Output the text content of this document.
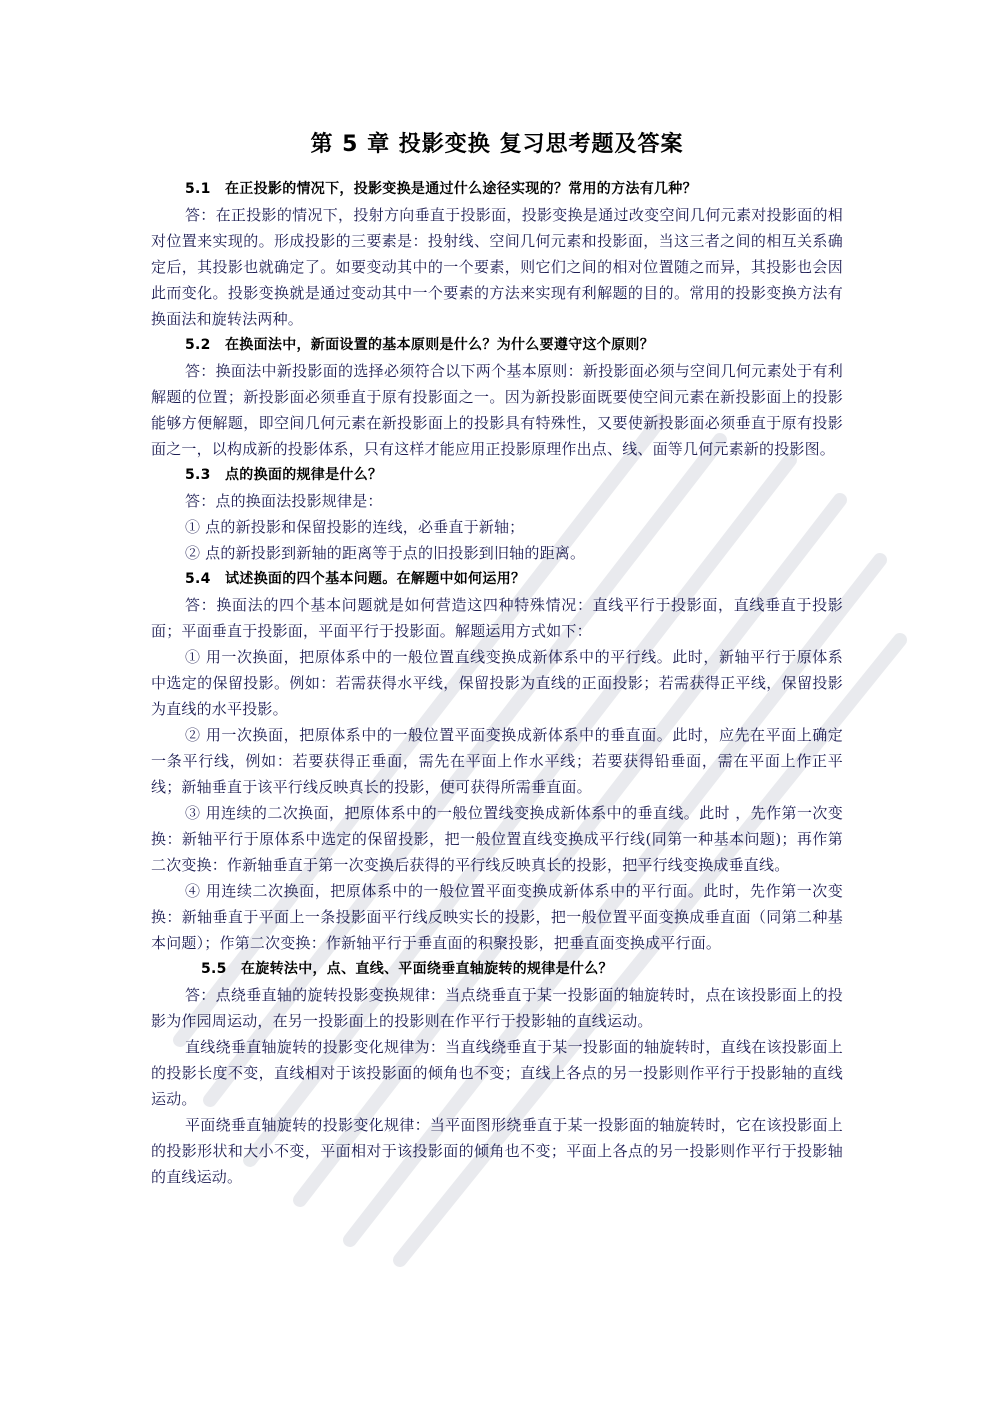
第 5 章 投影变换 复习思考题及答案

5.1　在正投影的情况下，投影变换是通过什么途径实现的？常用的方法有几种？

答：在正投影的情况下，投射方向垂直于投影面，投影变换是通过改变空间几何元素对投影面的相对位置来实现的。形成投影的三要素是：投射线、空间几何元素和投影面，当这三者之间的相互关系确定后，其投影也就确定了。如要变动其中的一个要素，则它们之间的相对位置随之而异，其投影也会因此而变化。投影变换就是通过变动其中一个要素的方法来实现有利解题的目的。常用的投影变换方法有换面法和旋转法两种。

5.2　在换面法中，新面设置的基本原则是什么？为什么要遵守这个原则？

答：换面法中新投影面的选择必须符合以下两个基本原则：新投影面必须与空间几何元素处于有利解题的位置；新投影面必须垂直于原有投影面之一。因为新投影面既要使空间元素在新投影面上的投影能够方便解题，即空间几何元素在新投影面上的投影具有特殊性，又要使新投影面必须垂直于原有投影面之一，以构成新的投影体系，只有这样才能应用正投影原理作出点、线、面等几何元素新的投影图。

5.3　点的换面的规律是什么？

答：点的换面法投影规律是：

① 点的新投影和保留投影的连线，必垂直于新轴；

② 点的新投影到新轴的距离等于点的旧投影到旧轴的距离。

5.4　试述换面的四个基本问题。在解题中如何运用？

答：换面法的四个基本问题就是如何营造这四种特殊情况：直线平行于投影面，直线垂直于投影面；平面垂直于投影面，平面平行于投影面。解题运用方式如下：

① 用一次换面，把原体系中的一般位置直线变换成新体系中的平行线。此时，新轴平行于原体系中选定的保留投影。例如：若需获得水平线，保留投影为直线的正面投影；若需获得正平线，保留投影为直线的水平投影。

② 用一次换面，把原体系中的一般位置平面变换成新体系中的垂直面。此时，应先在平面上确定一条平行线，例如：若要获得正垂面，需先在平面上作水平线；若要获得铅垂面，需在平面上作正平线；新轴垂直于该平行线反映真长的投影，便可获得所需垂直面。

③ 用连续的二次换面，把原体系中的一般位置线变换成新体系中的垂直线。此时 ，先作第一次变换：新轴平行于原体系中选定的保留投影，把一般位置直线变换成平行线(同第一种基本问题)；再作第二次变换：作新轴垂直于第一次变换后获得的平行线反映真长的投影，把平行线变换成垂直线。

④ 用连续二次换面，把原体系中的一般位置平面变换成新体系中的平行面。此时，先作第一次变换：新轴垂直于平面上一条投影面平行线反映实长的投影，把一般位置平面变换成垂直面（同第二种基本问题）；作第二次变换：作新轴平行于垂直面的积聚投影，把垂直面变换成平行面。

5.5　在旋转法中，点、直线、平面绕垂直轴旋转的规律是什么？

答：点绕垂直轴的旋转投影变换规律：当点绕垂直于某一投影面的轴旋转时，点在该投影面上的投影为作园周运动，在另一投影面上的投影则在作平行于投影轴的直线运动。

直线绕垂直轴旋转的投影变化规律为：当直线绕垂直于某一投影面的轴旋转时，直线在该投影面上的投影长度不变，直线相对于该投影面的倾角也不变；直线上各点的另一投影则作平行于投影轴的直线运动。

平面绕垂直轴旋转的投影变化规律：当平面图形绕垂直于某一投影面的轴旋转时，它在该投影面上的投影形状和大小不变，平面相对于该投影面的倾角也不变；平面上各点的另一投影则作平行于投影轴的直线运动。
